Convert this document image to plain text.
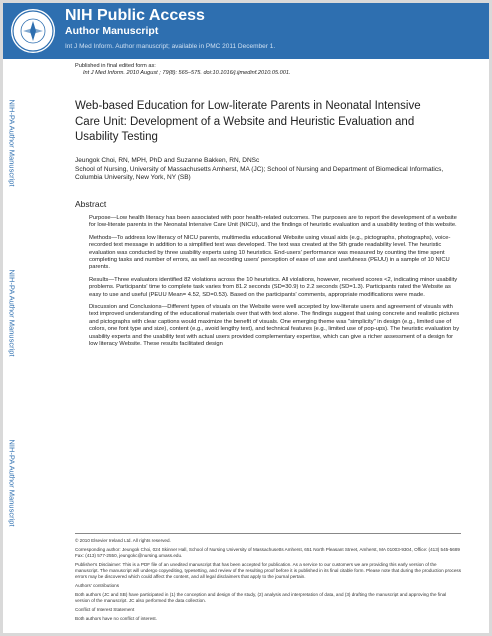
NIH Public Access
Author Manuscript
Int J Med Inform. Author manuscript; available in PMC 2011 December 1.
NIH-PA Author Manuscript
NIH-PA Author Manuscript
NIH-PA Author Manuscript
Published in final edited form as:
Int J Med Inform. 2010 August ; 79(8): 565–575. doi:10.1016/j.ijmedinf.2010.05.001.
Web-based Education for Low-literate Parents in Neonatal Intensive Care Unit: Development of a Website and Heuristic Evaluation and Usability Testing
Jeungok Choi, RN, MPH, PhD and Suzanne Bakken, RN, DNSc
School of Nursing, University of Massachusetts Amherst, MA (JC); School of Nursing and Department of Biomedical Informatics, Columbia University, New York, NY (SB)
Abstract

Purpose—Low health literacy has been associated with poor health-related outcomes. The purposes are to report the development of a website for low-literate parents in the Neonatal Intensive Care Unit (NICU), and the findings of heuristic evaluation and a usability testing of this website.

Methods—To address low literacy of NICU parents, multimedia educational Website using visual aids (e.g., pictographs, photographs), voice-recorded text message in addition to a simplified text was developed. The text was created at the 5th grade readability level. The heuristic evaluation was conducted by three usability experts using 10 heuristics. End-users' performance was measured by counting the time spent completing tasks and number of errors, as well as recording users' perception of ease of use and usefulness (PEUU) in a sample of 10 NICU parents.

Results—Three evaluators identified 82 violations across the 10 heuristics. All violations, however, received scores <2, indicating minor usability problems. Participants' time to complete task varies from 81.2 seconds (SD=30.9) to 2.2 seconds (SD=1.3). Participants rated the Website as easy to use and useful (PEUU Mean= 4.52, SD=0.53). Based on the participants' comments, appropriate modifications were made.

Discussion and Conclusions—Different types of visuals on the Website were well accepted by low-literate users and agreement of visuals with text improved understanding of the educational materials over that with text alone. The findings suggest that using concrete and realistic pictures and pictographs with clear captions would maximize the benefit of visuals. One emerging theme was "simplicity" in design (e.g., limited use of colors, one font type and size), content (e.g., avoid lengthy text), and technical features (e.g., limited use of pop-ups). The heuristic evaluation by usability experts and the usability test with actual users provided complementary expertise, which can give a richer assessment of a design for low literacy Website. These results facilitated design

© 2010 Elsevier Ireland Ltd. All rights reserved.

Corresponding author: Jeungok Choi, 024 Skinner Hall, School of Nursing University of Massachusetts Amherst, 651 North Pleasant Street, Amherst, MA 01003-9304, Office: (413) 545-5689 Fax: (413) 577-2550, jeungokc@nursing.umass.edu.

Publisher's Disclaimer: This is a PDF file of an unedited manuscript that has been accepted for publication. As a service to our customers we are providing this early version of the manuscript. The manuscript will undergo copyediting, typesetting, and review of the resulting proof before it is published in its final citable form. Please note that during the production process errors may be discovered which could affect the content, and all legal disclaimers that apply to the journal pertain.

Authors' contributions

Both authors (JC and SB) have participated in (1) the conception and design of the study, (2) analysis and interpretation of data, and (3) drafting the manuscript and approving the final version of the manuscript. JC also performed the data collection.

Conflict of Interest Statement

Both authors have no conflict of interest.
